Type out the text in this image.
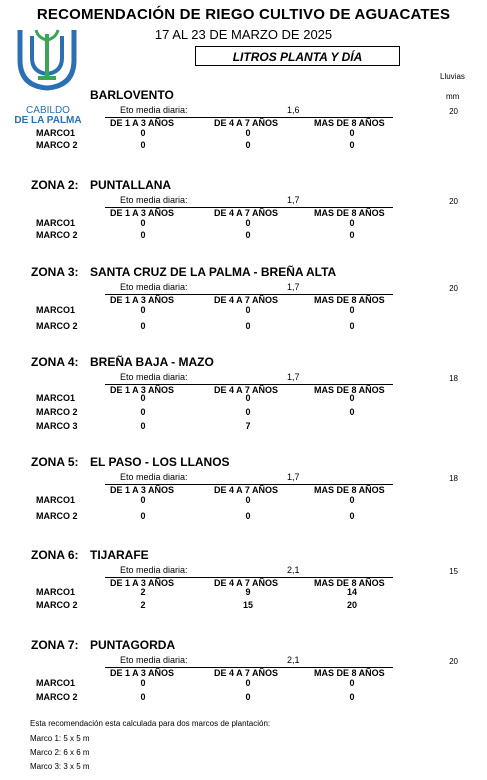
RECOMENDACIÓN DE RIEGO CULTIVO DE AGUACATES
17 AL 23 DE MARZO DE 2025
LITROS PLANTA Y DÍA
Lluvias
mm
CABILDO
DE LA PALMA
BARLOVENTO
Eto media diaria:	1,6	20
DE 1 A 3 AÑOS	DE 4 A 7 AÑOS	MAS DE 8 AÑOS
MARCO1	0	0	0
MARCO 2	0	0	0
ZONA 2: PUNTALLANA
Eto media diaria:	1,7	20
DE 1 A 3 AÑOS	DE 4 A 7 AÑOS	MAS DE 8 AÑOS
MARCO1	0	0	0
MARCO 2	0	0	0
ZONA 3: SANTA CRUZ DE LA PALMA - BREÑA ALTA
Eto media diaria:	1,7	20
DE 1 A 3 AÑOS	DE 4 A 7 AÑOS	MAS DE 8 AÑOS
MARCO1	0	0	0
MARCO 2	0	0	0
ZONA 4: BREÑA BAJA - MAZO
Eto media diaria:	1,7	18
DE 1 A 3 AÑOS	DE 4 A 7 AÑOS	MAS DE 8 AÑOS
MARCO1	0	0	0
MARCO 2	0	0	0
MARCO 3	0	7
ZONA 5: EL PASO - LOS LLANOS
Eto media diaria:	1,7	18
DE 1 A 3 AÑOS	DE 4 A 7 AÑOS	MAS DE 8 AÑOS
MARCO1	0	0	0
MARCO 2	0	0	0
ZONA 6: TIJARAFE
Eto media diaria:	2,1	15
DE 1 A 3 AÑOS	DE 4 A 7 AÑOS	MAS DE 8 AÑOS
MARCO1	2	9	14
MARCO 2	2	15	20
ZONA 7: PUNTAGORDA
Eto media diaria:	2,1	20
DE 1 A 3 AÑOS	DE 4 A 7 AÑOS	MAS DE 8 AÑOS
MARCO1	0	0	0
MARCO 2	0	0	0
Esta recomendación esta calculada para dos marcos de plantación:
Marco 1: 5 x 5 m
Marco 2: 6 x 6 m
Marco 3: 3 x 5 m
